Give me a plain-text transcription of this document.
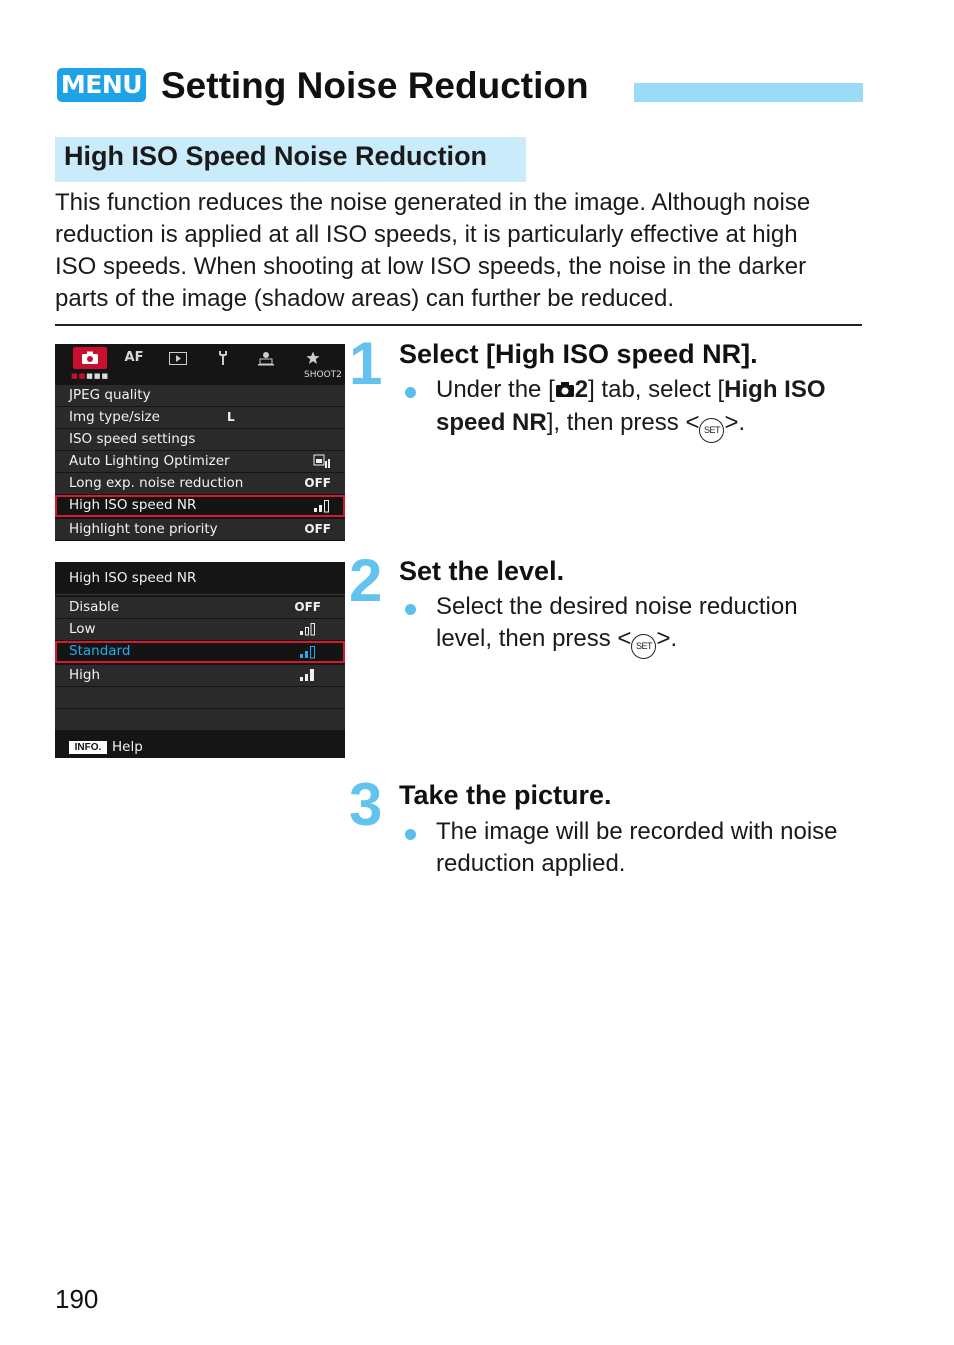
MENU Setting Noise Reduction
High ISO Speed Noise Reduction
This function reduces the noise generated in the image. Although noise
reduction is applied at all ISO speeds, it is particularly effective at high
ISO speeds. When shooting at low ISO speeds, the noise in the darker
parts of the image (shadow areas) can further be reduced.
AF
■■■■■	SHOOT2
JPEG quality
Img type/size	L
ISO speed settings
Auto Lighting Optimizer
Long exp. noise reduction	OFF
High ISO speed NR
Highlight tone priority	OFF
High ISO speed NR
Disable	OFF
Low
Standard
High
INFO. Help
1 Select [High ISO speed NR].
Under the [ 2] tab, select [High ISO
speed NR], then press < SET >.
2 Set the level.
Select the desired noise reduction
level, then press < SET >.
3 Take the picture.
The image will be recorded with noise
reduction applied.
190
